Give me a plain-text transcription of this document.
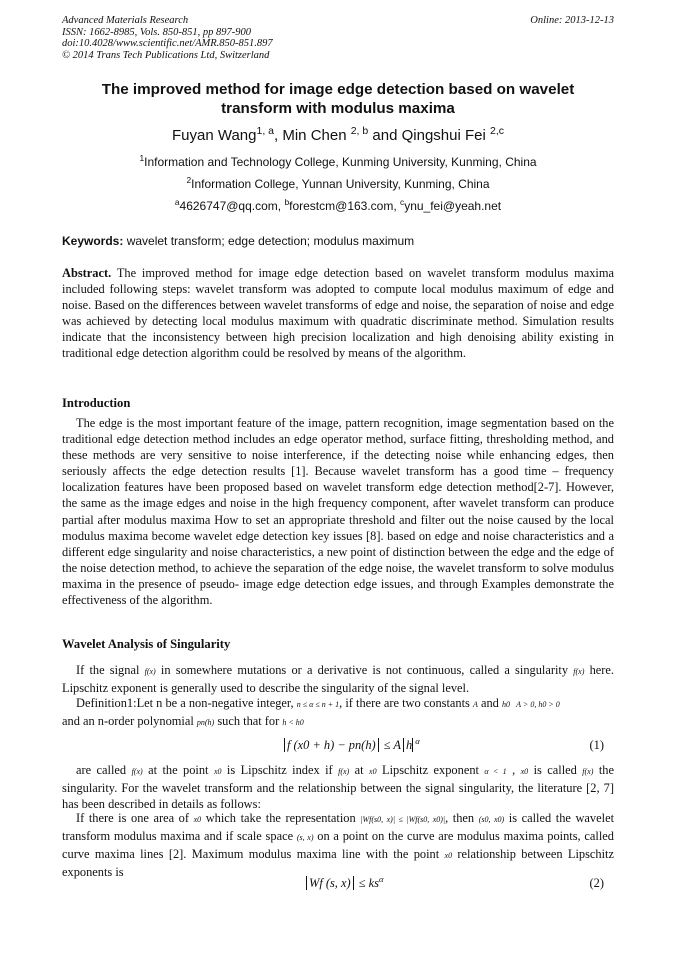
Advanced Materials Research
ISSN: 1662-8985, Vols. 850-851, pp 897-900
doi:10.4028/www.scientific.net/AMR.850-851.897
© 2014 Trans Tech Publications Ltd, Switzerland
Online: 2013-12-13
The improved method for image edge detection based on wavelet
transform with modulus maxima
Fuyan Wang$^{1, a}$, Min Chen $^{2, b}$ and Qingshui Fei $^{2,c}$
$^1$Information and Technology College, Kunming University, Kunming, China
$^2$Information College, Yunnan University, Kunming, China
$^a$4626747@qq.com, $^b$forestcm@163.com, $^c$ynu_fei@yeah.net
Keywords: wavelet transform; edge detection; modulus maximum
Abstract. The improved method for image edge detection based on wavelet transform modulus maxima included following steps: wavelet transform was adopted to compute local modulus maximum of edge and noise. Based on the differences between wavelet transforms of edge and noise, the separation of noise and edge was achieved by detecting local modulus maximum with quadratic discriminate method. Simulation results indicate that the inconsistency between high precision localization and high denoising ability existing in traditional edge detection algorithm could be resolved by means of the algorithm.
Introduction
The edge is the most important feature of the image, pattern recognition, image segmentation based on the traditional edge detection method includes an edge operator method, surface fitting, thresholding method, and these methods are very sensitive to noise interference, if the detecting noise while enhancing edges, then seriously affects the edge detection results [1]. Because wavelet transform has a good time – frequency localization features have been proposed based on wavelet transform edge detection method[2-7]. However, the same as the image edges and noise in the high frequency component, after wavelet transform can produce partial after modulus maxima How to set an appropriate threshold and filter out the noise caused by the local modulus maxima become wavelet edge detection key issues [8]. based on edge and noise characteristics and a different edge singularity and noise characteristics, a new point of distinction between the edge and the edge of the noise detection method, to achieve the separation of the edge noise, the wavelet transform to solve modulus maxima in the presence of pseudo- image edge detection edge issues, and through Examples demonstrate the effectiveness of the algorithm.
Wavelet Analysis of Singularity
If the signal f(x) in somewhere mutations or a derivative is not continuous, called a singularity f(x) here. Lipschitz exponent is generally used to describe the singularity of the signal level.
Definition1:Let n be a non-negative integer, n ≤ α ≤ n + 1, if there are two constants A and h0 A > 0, h0 > 0
and an n-order polynomial pn(h) such that for h < h0
f (x0 + h) − pn(h) ≤ A h $^\alpha$	(1)
are called f(x) at the point x0 is Lipschitz index if f(x) at x0 Lipschitz exponent α < 1 , x0 is called f(x) the singularity. For the wavelet transform and the relationship between the signal singularity, the literature [2, 7] has been described in details as follows:
If there is one area of x0 which take the representation |Wf(s0, x)| ≤ |Wf(s0, x0)|, then (s0, x0) is called the wavelet transform modulus maxima and if scale space (s, x) on a point on the curve are modulus maxima points, called curve maxima lines [2]. Maximum modulus maxima line with the point x0 relationship between Lipschitz exponents is
Wf (s, $x) \le ks^\alpha$	(2)
